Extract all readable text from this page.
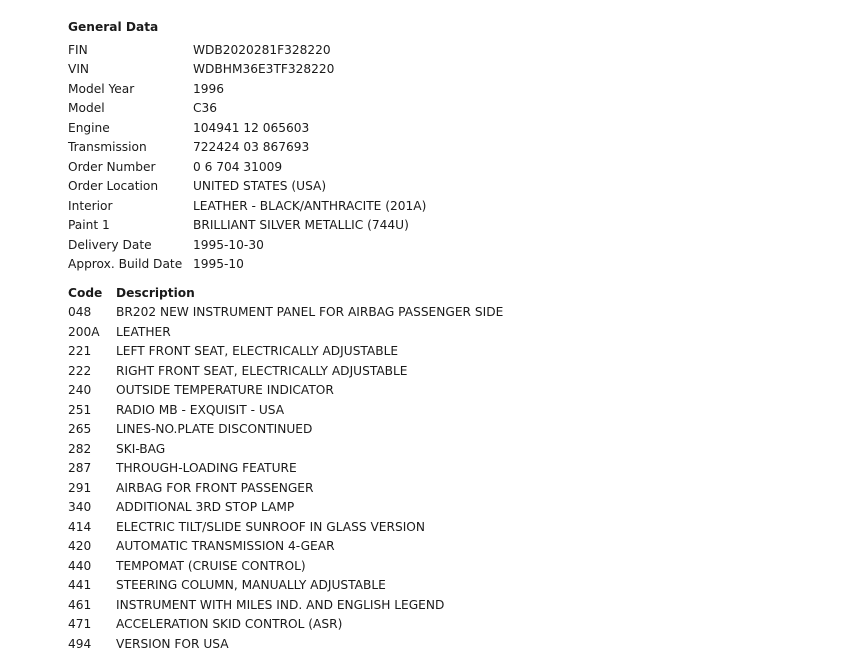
General Data
FIN	WDB2020281F328220
VIN	WDBHM36E3TF328220
Model Year	1996
Model	C36
Engine	104941 12 065603
Transmission	722424 03 867693
Order Number	0 6 704 31009
Order Location	UNITED STATES (USA)
Interior	LEATHER - BLACK/ANTHRACITE (201A)
Paint 1	BRILLIANT SILVER METALLIC (744U)
Delivery Date	1995-10-30
Approx. Build Date	1995-10
Code	Description
048	BR202 NEW INSTRUMENT PANEL FOR AIRBAG PASSENGER SIDE
200A	LEATHER
221	LEFT FRONT SEAT, ELECTRICALLY ADJUSTABLE
222	RIGHT FRONT SEAT, ELECTRICALLY ADJUSTABLE
240	OUTSIDE TEMPERATURE INDICATOR
251	RADIO MB - EXQUISIT - USA
265	LINES-NO.PLATE DISCONTINUED
282	SKI-BAG
287	THROUGH-LOADING FEATURE
291	AIRBAG FOR FRONT PASSENGER
340	ADDITIONAL 3RD STOP LAMP
414	ELECTRIC TILT/SLIDE SUNROOF IN GLASS VERSION
420	AUTOMATIC TRANSMISSION 4-GEAR
440	TEMPOMAT (CRUISE CONTROL)
441	STEERING COLUMN, MANUALLY ADJUSTABLE
461	INSTRUMENT WITH MILES IND. AND ENGLISH LEGEND
471	ACCELERATION SKID CONTROL (ASR)
494	VERSION FOR USA
